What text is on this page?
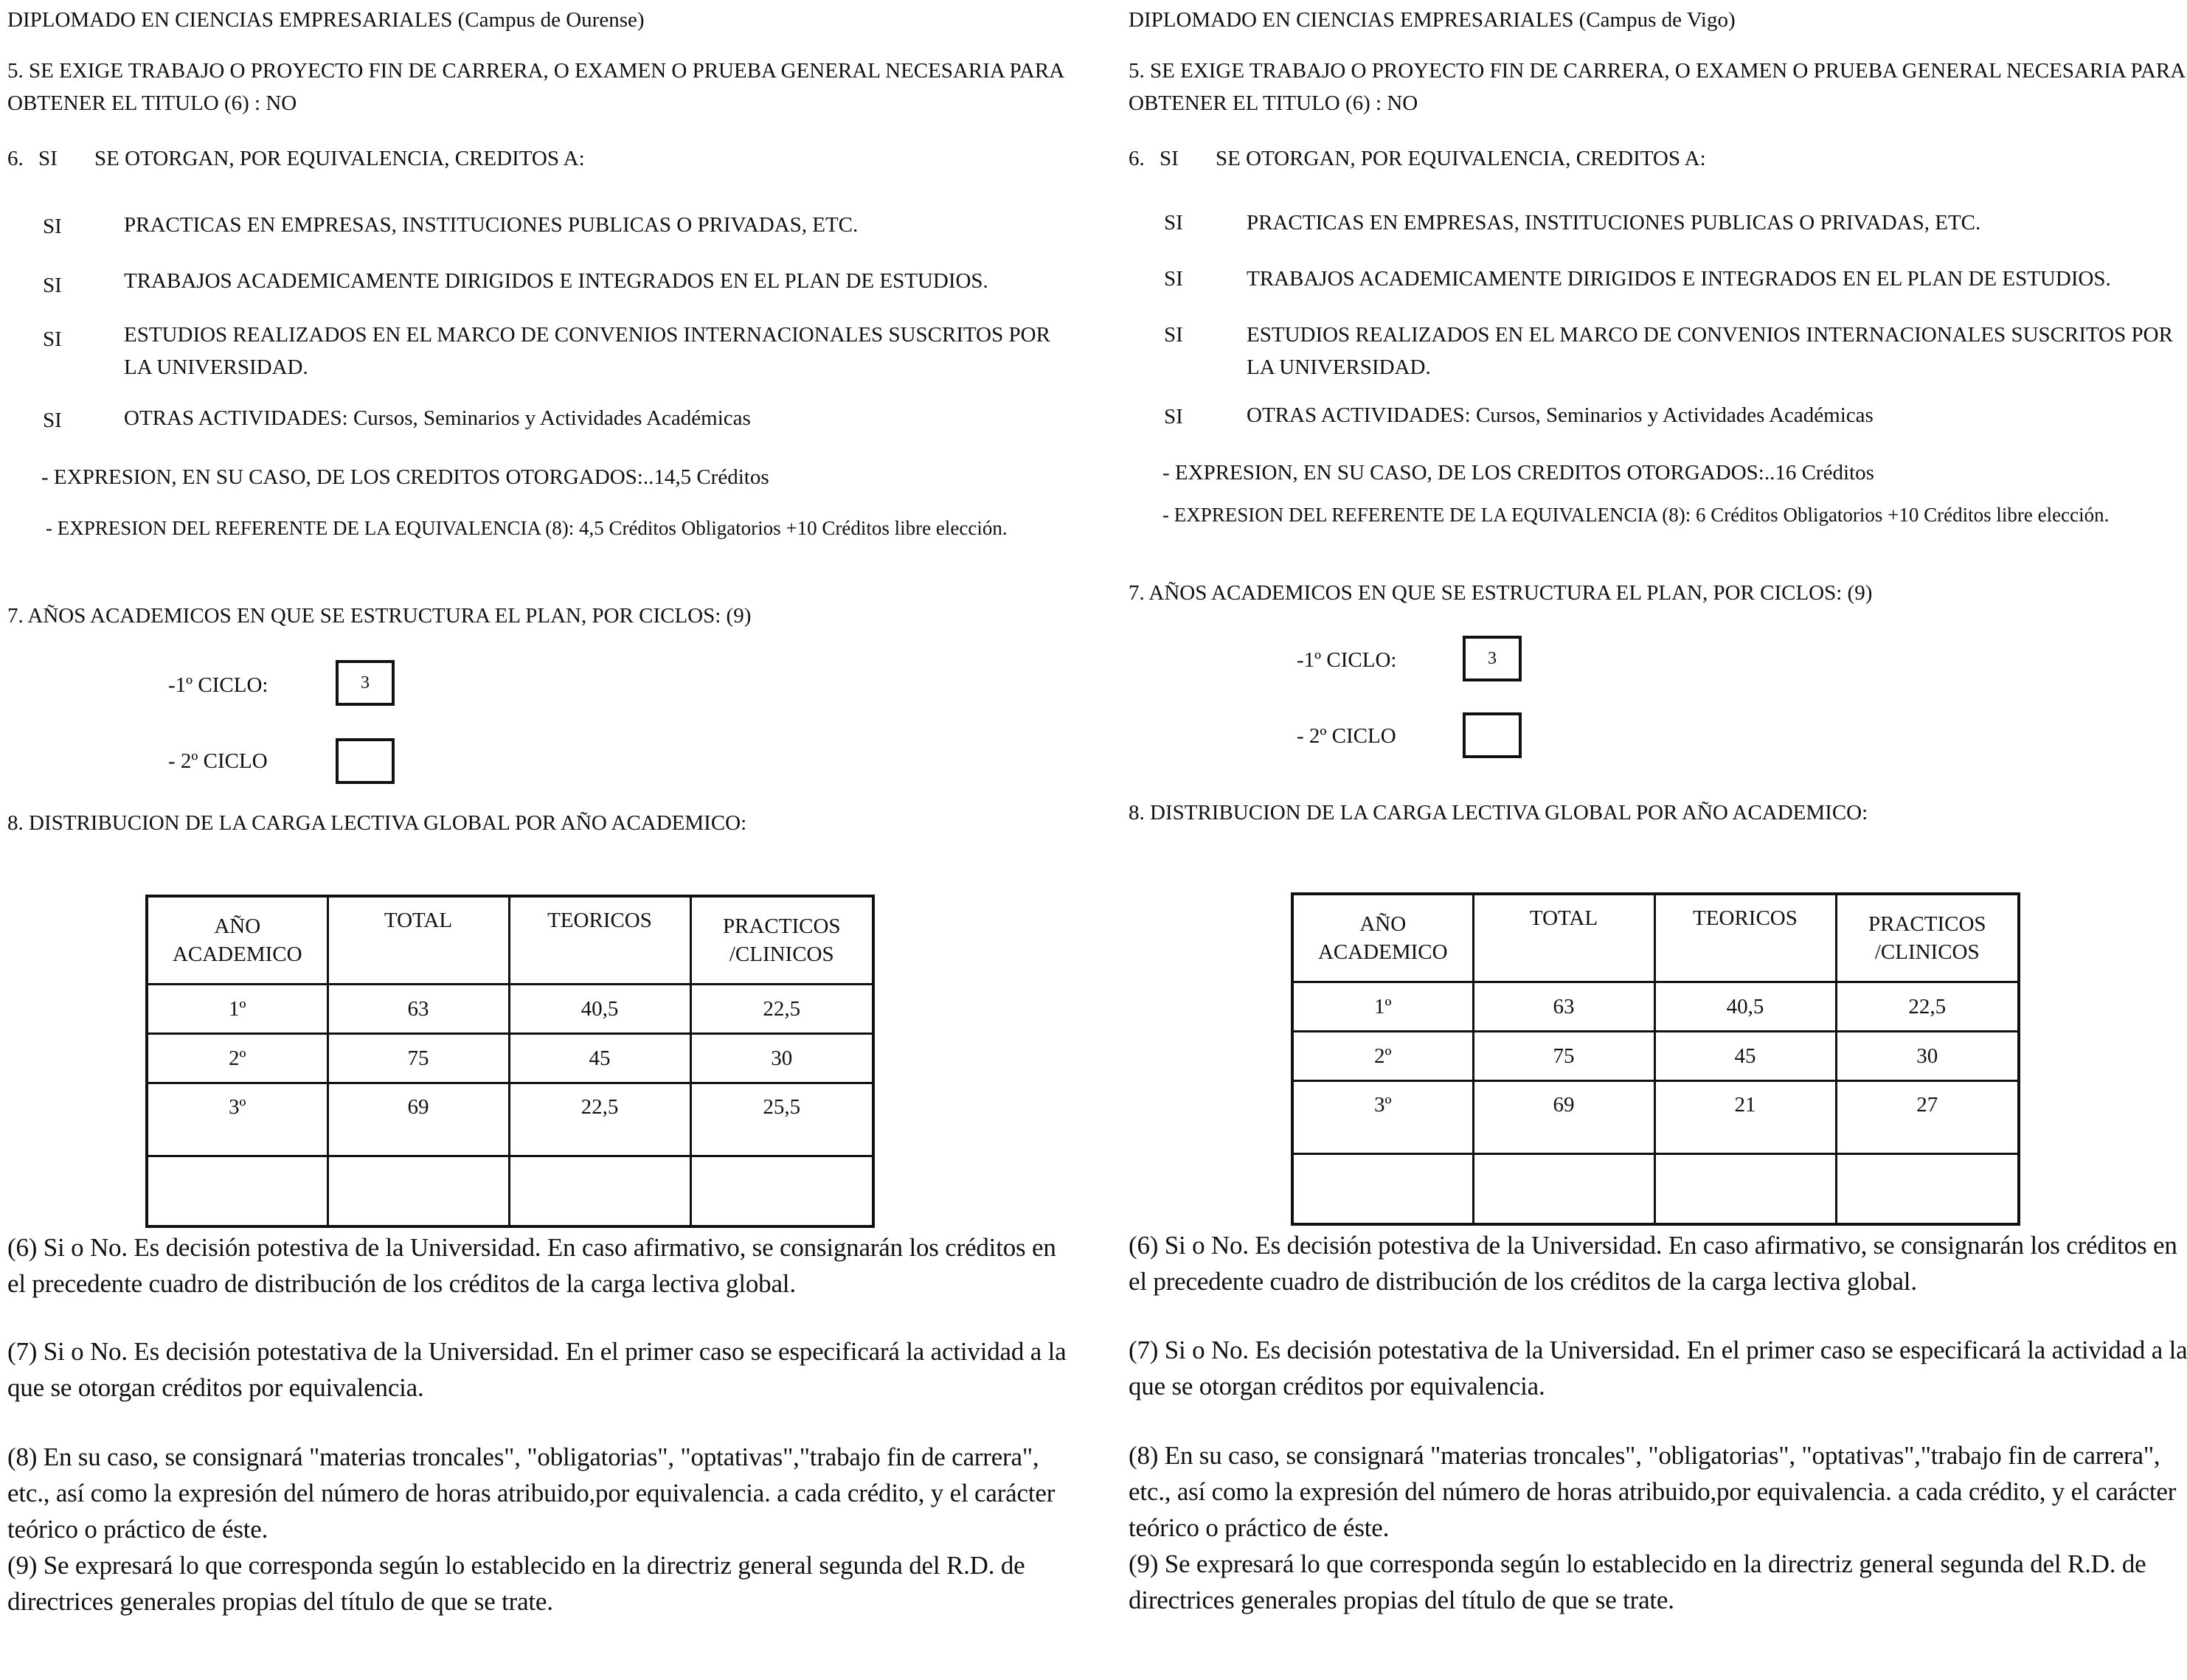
DIPLOMADO EN CIENCIAS EMPRESARIALES (Campus de Ourense)

5. SE EXIGE TRABAJO O PROYECTO FIN DE CARRERA, O EXAMEN O PRUEBA GENERAL NECESARIA PARA OBTENER EL TITULO (6) : NO

6. SI SE OTORGAN, POR EQUIVALENCIA, CREDITOS A:

SI	PRACTICAS EN EMPRESAS, INSTITUCIONES PUBLICAS O PRIVADAS, ETC.

SI	TRABAJOS ACADEMICAMENTE DIRIGIDOS E INTEGRADOS EN EL PLAN DE ESTUDIOS.

SI	ESTUDIOS REALIZADOS EN EL MARCO DE CONVENIOS INTERNACIONALES SUSCRITOS POR LA UNIVERSIDAD.

SI	OTRAS ACTIVIDADES: Cursos, Seminarios y Actividades Académicas

- EXPRESION, EN SU CASO, DE LOS CREDITOS OTORGADOS:..14,5 Créditos

- EXPRESION DEL REFERENTE DE LA EQUIVALENCIA (8): 4,5 Créditos Obligatorios +10 Créditos libre elección.

7. AÑOS ACADEMICOS EN QUE SE ESTRUCTURA EL PLAN, POR CICLOS: (9)

-1º CICLO:	3

- 2º CICLO

8. DISTRIBUCION DE LA CARGA LECTIVA GLOBAL POR AÑO ACADEMICO:

AÑO ACADEMICO	TOTAL	TEORICOS	PRACTICOS /CLINICOS
1º	63	40,5	22,5
2º	75	45	30
3º	69	22,5	25,5

(6) Si o No. Es decisión potestiva de la Universidad. En caso afirmativo, se consignarán los créditos en el precedente cuadro de distribución de los créditos de la carga lectiva global.

(7) Si o No. Es decisión potestativa de la Universidad. En el primer caso se especificará la actividad a la que se otorgan créditos por equivalencia.

(8) En su caso, se consignará "materias troncales", "obligatorias", "optativas","trabajo fin de carrera", etc., así como la expresión del número de horas atribuido,por equivalencia. a cada crédito, y el carácter teórico o práctico de éste.

(9) Se expresará lo que corresponda según lo establecido en la directriz general segunda del R.D. de directrices generales propias del título de que se trate.

DIPLOMADO EN CIENCIAS EMPRESARIALES (Campus de Vigo)

5. SE EXIGE TRABAJO O PROYECTO FIN DE CARRERA, O EXAMEN O PRUEBA GENERAL NECESARIA PARA OBTENER EL TITULO (6) : NO

6. SI SE OTORGAN, POR EQUIVALENCIA, CREDITOS A:

SI	PRACTICAS EN EMPRESAS, INSTITUCIONES PUBLICAS O PRIVADAS, ETC.

SI	TRABAJOS ACADEMICAMENTE DIRIGIDOS E INTEGRADOS EN EL PLAN DE ESTUDIOS.

SI	ESTUDIOS REALIZADOS EN EL MARCO DE CONVENIOS INTERNACIONALES SUSCRITOS POR LA UNIVERSIDAD.

SI	OTRAS ACTIVIDADES: Cursos, Seminarios y Actividades Académicas

- EXPRESION, EN SU CASO, DE LOS CREDITOS OTORGADOS:..16 Créditos

- EXPRESION DEL REFERENTE DE LA EQUIVALENCIA (8): 6 Créditos Obligatorios +10 Créditos libre elección.

7. AÑOS ACADEMICOS EN QUE SE ESTRUCTURA EL PLAN, POR CICLOS: (9)

-1º CICLO:	3

- 2º CICLO

8. DISTRIBUCION DE LA CARGA LECTIVA GLOBAL POR AÑO ACADEMICO:

AÑO ACADEMICO	TOTAL	TEORICOS	PRACTICOS /CLINICOS
1º	63	40,5	22,5
2º	75	45	30
3º	69	21	27

(6) Si o No. Es decisión potestiva de la Universidad. En caso afirmativo, se consignarán los créditos en el precedente cuadro de distribución de los créditos de la carga lectiva global.

(7) Si o No. Es decisión potestativa de la Universidad. En el primer caso se especificará la actividad a la que se otorgan créditos por equivalencia.

(8) En su caso, se consignará "materias troncales", "obligatorias", "optativas","trabajo fin de carrera", etc., así como la expresión del número de horas atribuido,por equivalencia. a cada crédito, y el carácter teórico o práctico de éste.

(9) Se expresará lo que corresponda según lo establecido en la directriz general segunda del R.D. de directrices generales propias del título de que se trate.
